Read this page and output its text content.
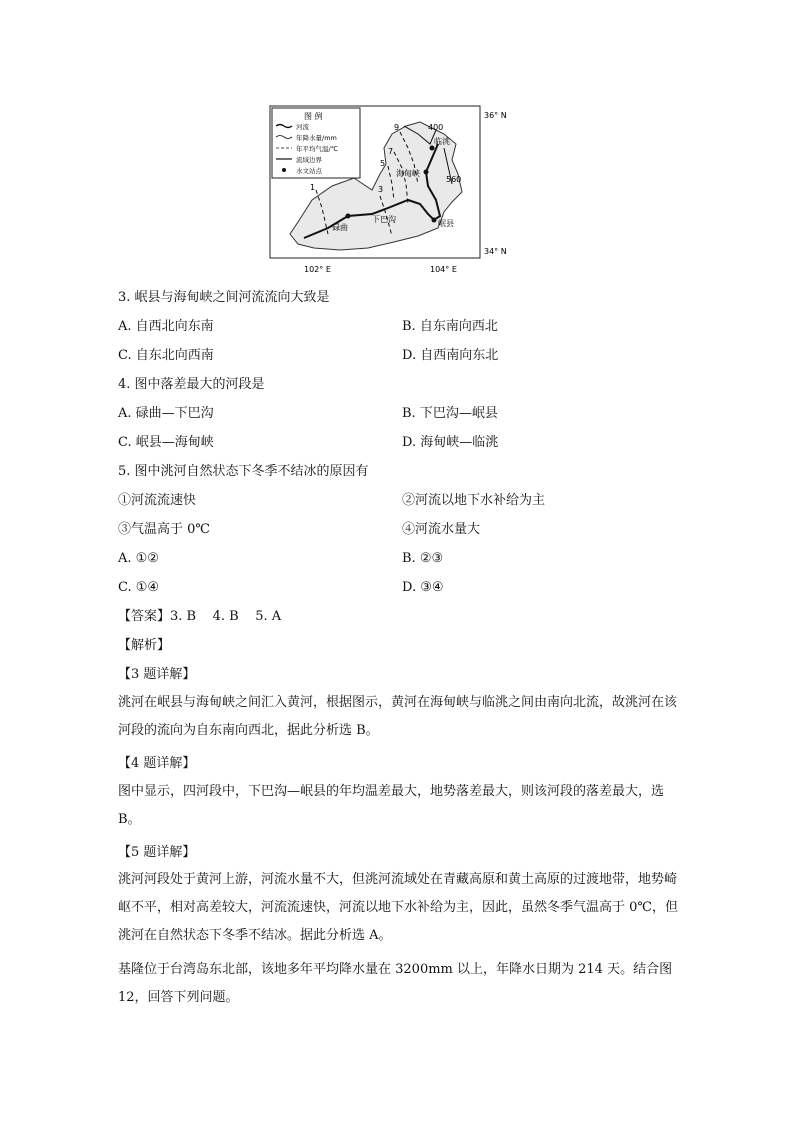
图 例
河流
年降水量/mm
年平均气温/℃
流域边界
水文站点
临洮
海甸峡
下巴沟
碌曲	岷县
400
560
9
7
5
3
1
36° N
34° N
102° E	104° E
3. 岷县与海甸峡之间河流流向大致是
A. 自西北向东南	B. 自东南向西北
C. 自东北向西南	D. 自西南向东北
4. 图中落差最大的河段是
A. 碌曲—下巴沟	B. 下巴沟—岷县
C. 岷县—海甸峡	D. 海甸峡—临洮
5. 图中洮河自然状态下冬季不结冰的原因有
①河流流速快	②河流以地下水补给为主
③气温高于 0℃	④河流水量大
A. ①②	B. ②③
C. ①④	D. ③④
【答案】3. B    4. B    5. A
【解析】
【3 题详解】
洮河在岷县与海甸峡之间汇入黄河，根据图示，黄河在海甸峡与临洮之间由南向北流，故洮河在该河段的流向为自东南向西北，据此分析选 B。
【4 题详解】
图中显示，四河段中，下巴沟—岷县的年均温差最大，地势落差最大，则该河段的落差最大，选 B。
【5 题详解】
洮河河段处于黄河上游，河流水量不大，但洮河流域处在青藏高原和黄土高原的过渡地带，地势崎岖不平，相对高差较大，河流流速快，河流以地下水补给为主，因此，虽然冬季气温高于 0℃，但洮河在自然状态下冬季不结冰。据此分析选 A。
基隆位于台湾岛东北部，该地多年平均降水量在 3200mm 以上，年降水日期为 214 天。结合图 12，回答下列问题。
